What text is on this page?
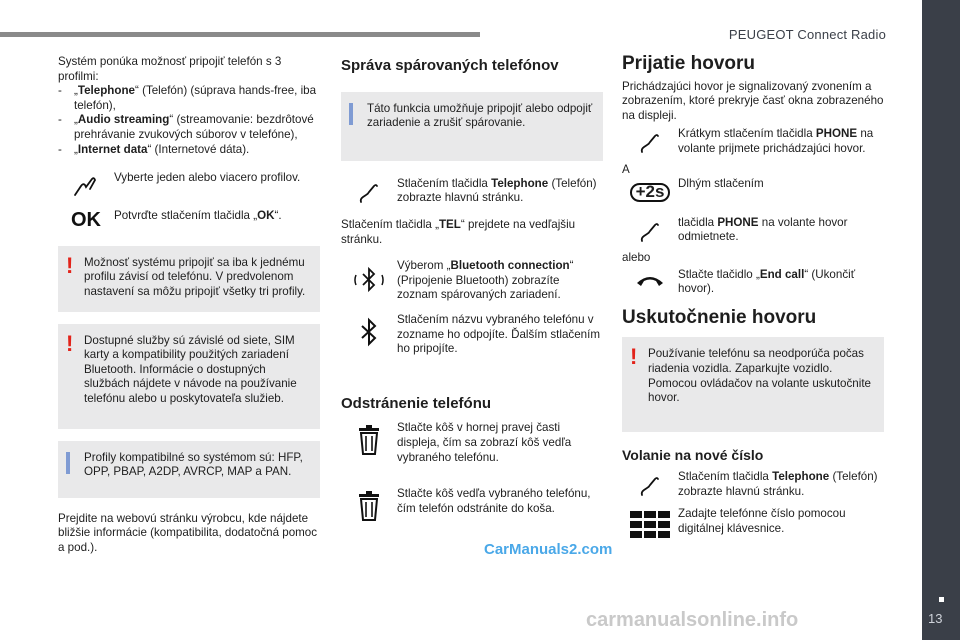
PEUGEOT Connect Radio
13

Systém ponúka možnosť pripojiť telefón s 3 profilmi:

-	„Telephone“ (Telefón) (súprava hands-free, iba telefón),
-	„Audio streaming“ (streamovanie: bezdrôtové prehrávanie zvukových súborov v telefóne),
-	„Internet data“ (Internetové dáta).
Vyberte jeden alebo viacero profilov.
OK	Potvrďte stlačením tlačidla „OK“.
! Možnosť systému pripojiť sa iba k jednému profilu závisí od telefónu. V predvolenom nastavení sa môžu pripojiť všetky tri profily.

! Dostupné služby sú závislé od siete, SIM karty a kompatibility použitých zariadení Bluetooth. Informácie o dostupných službách nájdete v návode na používanie telefónu alebo u poskytovateľa služieb.

Profily kompatibilné so systémom sú: HFP, OPP, PBAP, A2DP, AVRCP, MAP a PAN.

Prejdite na webovú stránku výrobcu, kde nájdete bližšie informácie (kompatibilita, dodatočná pomoc a pod.).

Správa spárovaných telefónov

Táto funkcia umožňuje pripojiť alebo odpojiť zariadenie a zrušiť spárovanie.

Stlačením tlačidla Telephone (Telefón) zobrazte hlavnú stránku.

Stlačením tlačidla „TEL“ prejdete na vedľajšiu stránku.

Výberom „Bluetooth connection“ (Pripojenie Bluetooth) zobrazíte zoznam spárovaných zariadení.
Stlačením názvu vybraného telefónu v zozname ho odpojíte. Ďalším stlačením ho pripojíte.
Odstránenie telefónu
Stlačte kôš v hornej pravej časti displeja, čím sa zobrazí kôš vedľa vybraného telefónu.
Stlačte kôš vedľa vybraného telefónu, čím telefón odstránite do koša.
Prijatie hovoru

Prichádzajúci hovor je signalizovaný zvonením a zobrazením, ktoré prekryje časť okna zobrazeného na displeji.

Krátkym stlačením tlačidla PHONE na volante prijmete prichádzajúci hovor.

A

+2s	Dlhým stlačením
tlačidla PHONE na volante hovor odmietnete.

alebo

Stlačte tlačidlo „End call“ (Ukončiť hovor).
Uskutočnenie hovoru
! Používanie telefónu sa neodporúča počas riadenia vozidla. Zaparkujte vozidlo. Pomocou ovládačov na volante uskutočnite hovor.

Volanie na nové číslo
Stlačením tlačidla Telephone (Telefón) zobrazte hlavnú stránku.
Zadajte telefónne číslo pomocou digitálnej klávesnice.
CarManuals2.com
carmanualsonline.info
